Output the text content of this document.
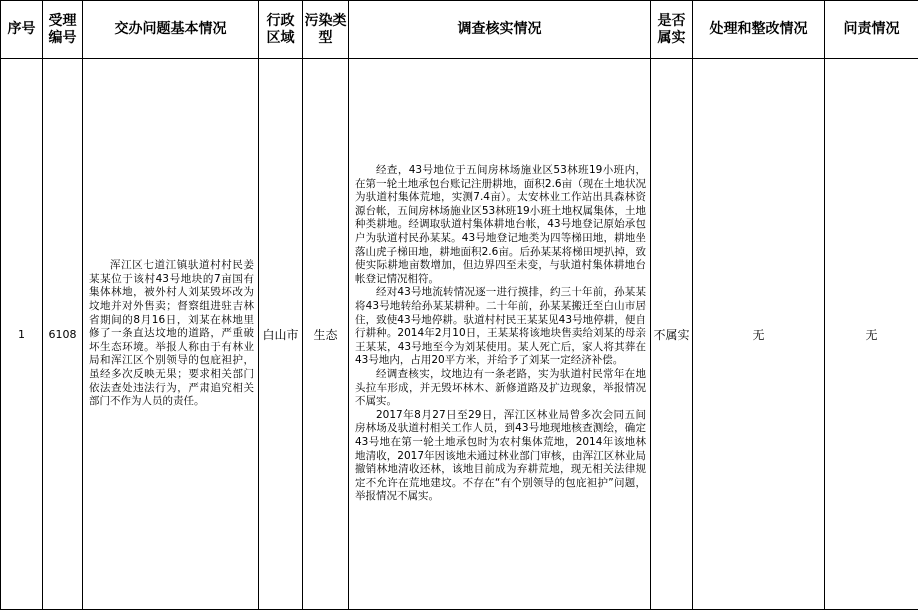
序号	受理编号	交办问题基本情况	行政区域	污染类型	调查核实情况	是否属实	处理和整改情况	问责情况
1	6108	浑江区七道江镇驮道村村民姜某某位于该村43号地块的7亩国有集体林地，被外村人刘某毁坏改为坟地并对外售卖；督察组进驻吉林省期间的8月16日，刘某在林地里修了一条直达坟地的道路，严重破坏生态环境。举报人称由于有林业局和浑江区个别领导的包庇袒护，虽经多次反映无果；要求相关部门依法查处违法行为，严肃追究相关部门不作为人员的责任。	白山市	生态	经查，43号地位于五间房林场施业区53林班19小班内，在第一轮土地承包台账记注册耕地，面积2.6亩（现在土地状况为驮道村集体荒地，实测7.4亩）。太安林业工作站出具森林资源台帐，五间房林场施业区53林班19小班土地权属集体，土地种类耕地。经调取驮道村集体耕地台帐，43号地登记原始承包户为驮道村民孙某某。43号地登记地类为四等梯田地，耕地坐落山虎子梯田地，耕地面积2.6亩。后孙某某将梯田埂扒掉，致使实际耕地亩数增加，但边界四至未变，与驮道村集体耕地台帐登记情况相符。

经对43号地流转情况逐一进行摸排，约三十年前，孙某某将43号地转给孙某某耕种。二十年前，孙某某搬迁至白山市居住，致使43号地停耕。驮道村村民王某某见43号地停耕，便自行耕种。2014年2月10日，王某某将该地块售卖给刘某的母亲王某某，43号地至今为刘某使用。某人死亡后，家人将其葬在43号地内，占用20平方米，并给予了刘某一定经济补偿。

经调查核实，坟地边有一条老路，实为驮道村民常年在地头拉车形成，并无毁坏林木、新修道路及扩边现象，举报情况不属实。

2017年8月27日至29日，浑江区林业局曾多次会同五间房林场及驮道村相关工作人员，到43号地现地核查测绘，确定43号地在第一轮土地承包时为农村集体荒地，2014年该地林地清收，2017年因该地未通过林业部门审核，由浑江区林业局撤销林地清收还林，该地目前成为弃耕荒地，现无相关法律规定不允许在荒地建坟。不存在“有个别领导的包庇袒护”问题，举报情况不属实。	不属实	无	无
